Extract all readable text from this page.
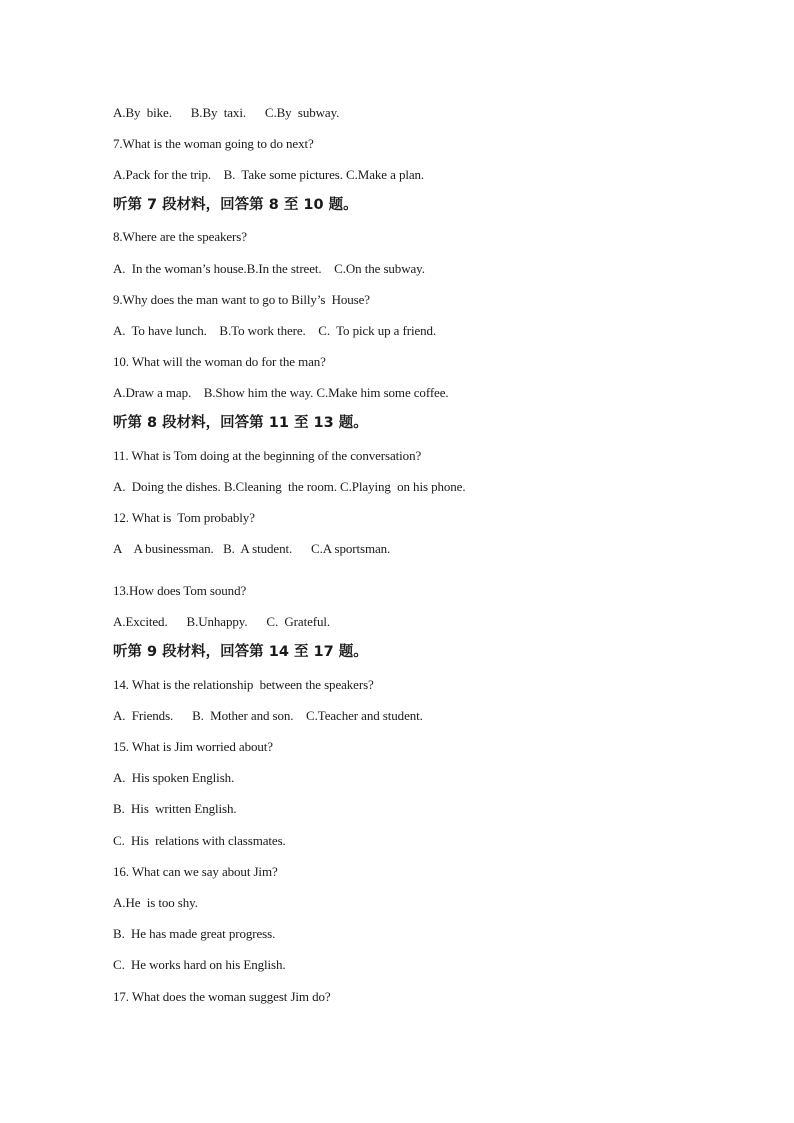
A.By  bike.      B.By  taxi.      C.By  subway.
7.What is the woman going to do next?
A.Pack for the trip.    B.  Take some pictures. C.Make a plan.
听第 7 段材料，回答第 8 至 10 题。
8.Where are the speakers?
A.  In the woman’s house.B.In the street.    C.On the subway.
9.Why does the man want to go to Billy’s  House?
A.  To have lunch.    B.To work there.    C.  To pick up a friend.
10. What will the woman do for the man?
A.Draw a map.    B.Show him the way. C.Make him some coffee.
听第 8 段材料，回答第 11 至 13 题。
11. What is Tom doing at the beginning of the conversation?
A.  Doing the dishes. B.Cleaning  the room. C.Playing  on his phone.
12. What is  Tom probably?
A    A businessman.   B.  A student.      C.A sportsman.
13.How does Tom sound?
A.Excited.      B.Unhappy.      C.  Grateful.
听第 9 段材料，回答第 14 至 17 题。
14. What is the relationship  between the speakers?
A.  Friends.      B.  Mother and son.    C.Teacher and student.
15. What is Jim worried about?
A.  His spoken English.
B.  His  written English.
C.  His  relations with classmates.
16. What can we say about Jim?
A.He  is too shy.
B.  He has made great progress.
C.  He works hard on his English.
17. What does the woman suggest Jim do?
